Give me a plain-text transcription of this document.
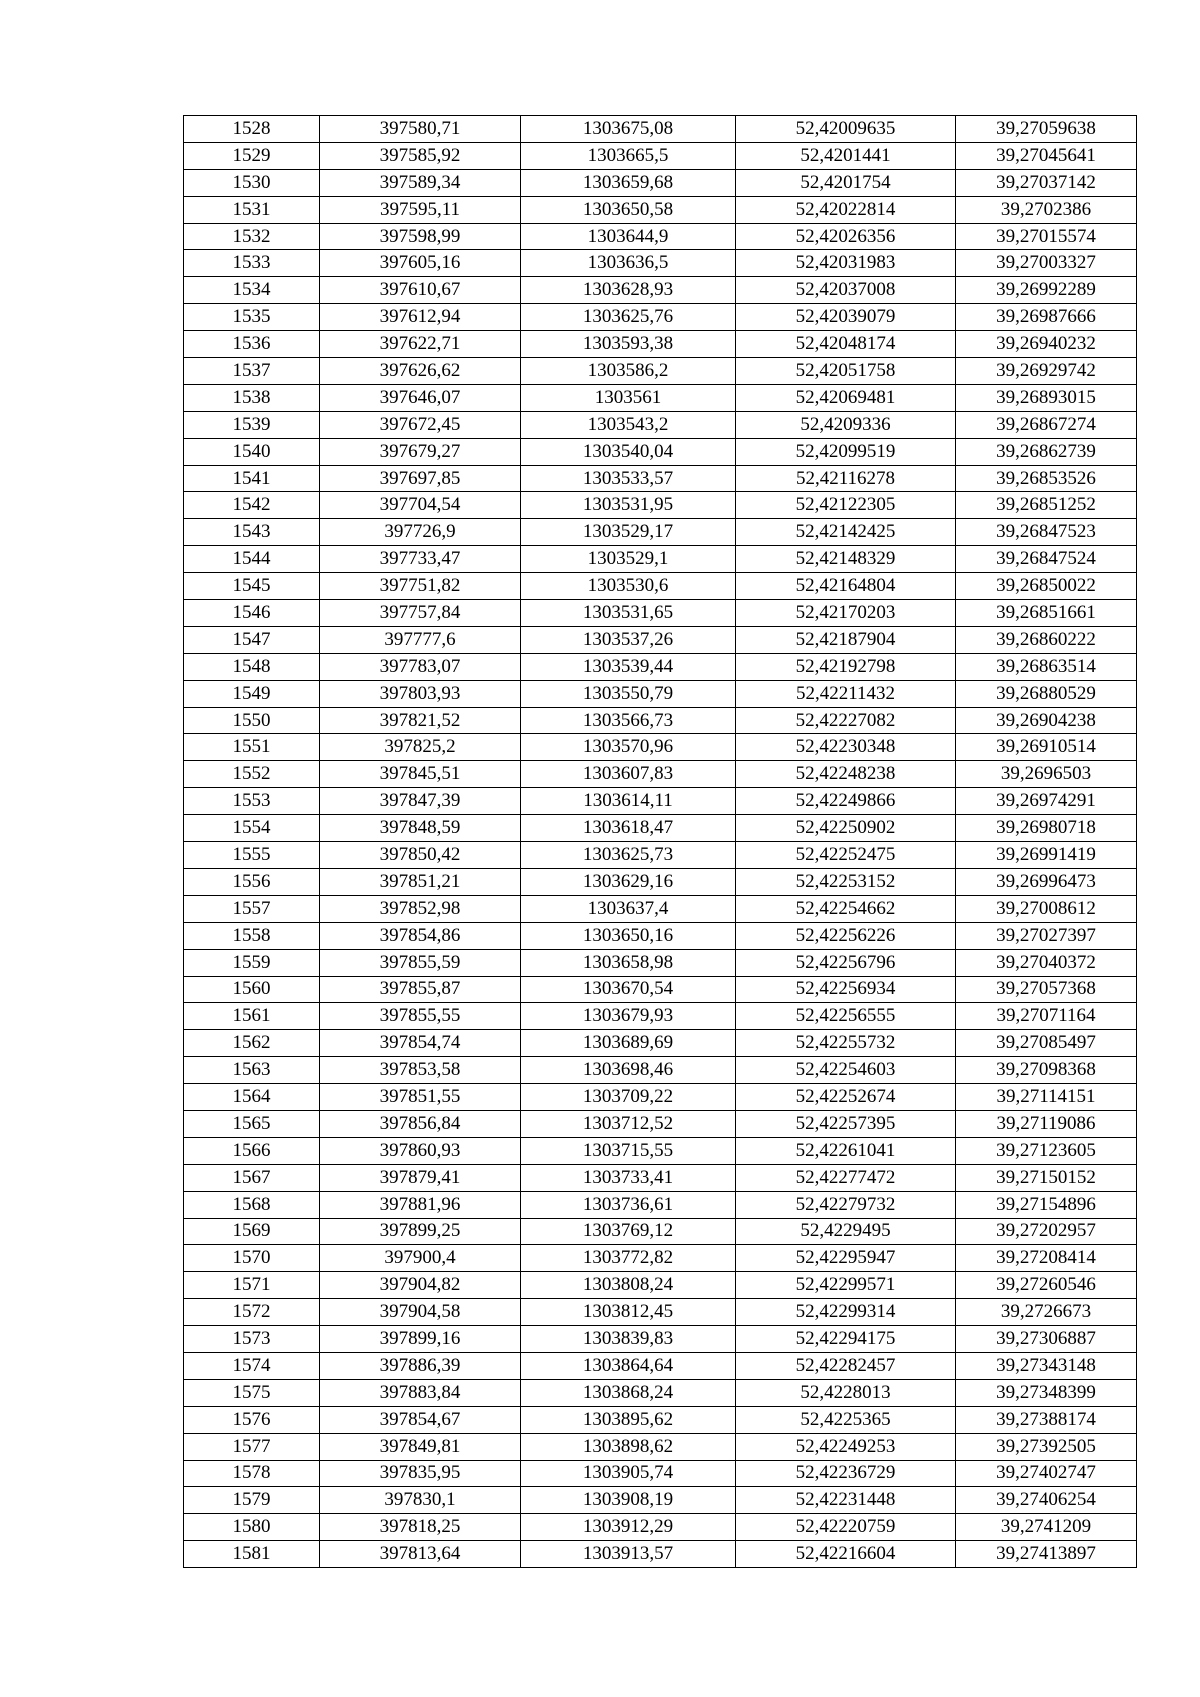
1528	397580,71	1303675,08	52,42009635	39,27059638
1529	397585,92	1303665,5	52,4201441	39,27045641
1530	397589,34	1303659,68	52,4201754	39,27037142
1531	397595,11	1303650,58	52,42022814	39,2702386
1532	397598,99	1303644,9	52,42026356	39,27015574
1533	397605,16	1303636,5	52,42031983	39,27003327
1534	397610,67	1303628,93	52,42037008	39,26992289
1535	397612,94	1303625,76	52,42039079	39,26987666
1536	397622,71	1303593,38	52,42048174	39,26940232
1537	397626,62	1303586,2	52,42051758	39,26929742
1538	397646,07	1303561	52,42069481	39,26893015
1539	397672,45	1303543,2	52,4209336	39,26867274
1540	397679,27	1303540,04	52,42099519	39,26862739
1541	397697,85	1303533,57	52,42116278	39,26853526
1542	397704,54	1303531,95	52,42122305	39,26851252
1543	397726,9	1303529,17	52,42142425	39,26847523
1544	397733,47	1303529,1	52,42148329	39,26847524
1545	397751,82	1303530,6	52,42164804	39,26850022
1546	397757,84	1303531,65	52,42170203	39,26851661
1547	397777,6	1303537,26	52,42187904	39,26860222
1548	397783,07	1303539,44	52,42192798	39,26863514
1549	397803,93	1303550,79	52,42211432	39,26880529
1550	397821,52	1303566,73	52,42227082	39,26904238
1551	397825,2	1303570,96	52,42230348	39,26910514
1552	397845,51	1303607,83	52,42248238	39,2696503
1553	397847,39	1303614,11	52,42249866	39,26974291
1554	397848,59	1303618,47	52,42250902	39,26980718
1555	397850,42	1303625,73	52,42252475	39,26991419
1556	397851,21	1303629,16	52,42253152	39,26996473
1557	397852,98	1303637,4	52,42254662	39,27008612
1558	397854,86	1303650,16	52,42256226	39,27027397
1559	397855,59	1303658,98	52,42256796	39,27040372
1560	397855,87	1303670,54	52,42256934	39,27057368
1561	397855,55	1303679,93	52,42256555	39,27071164
1562	397854,74	1303689,69	52,42255732	39,27085497
1563	397853,58	1303698,46	52,42254603	39,27098368
1564	397851,55	1303709,22	52,42252674	39,27114151
1565	397856,84	1303712,52	52,42257395	39,27119086
1566	397860,93	1303715,55	52,42261041	39,27123605
1567	397879,41	1303733,41	52,42277472	39,27150152
1568	397881,96	1303736,61	52,42279732	39,27154896
1569	397899,25	1303769,12	52,4229495	39,27202957
1570	397900,4	1303772,82	52,42295947	39,27208414
1571	397904,82	1303808,24	52,42299571	39,27260546
1572	397904,58	1303812,45	52,42299314	39,2726673
1573	397899,16	1303839,83	52,42294175	39,27306887
1574	397886,39	1303864,64	52,42282457	39,27343148
1575	397883,84	1303868,24	52,4228013	39,27348399
1576	397854,67	1303895,62	52,4225365	39,27388174
1577	397849,81	1303898,62	52,42249253	39,27392505
1578	397835,95	1303905,74	52,42236729	39,27402747
1579	397830,1	1303908,19	52,42231448	39,27406254
1580	397818,25	1303912,29	52,42220759	39,2741209
1581	397813,64	1303913,57	52,42216604	39,27413897
